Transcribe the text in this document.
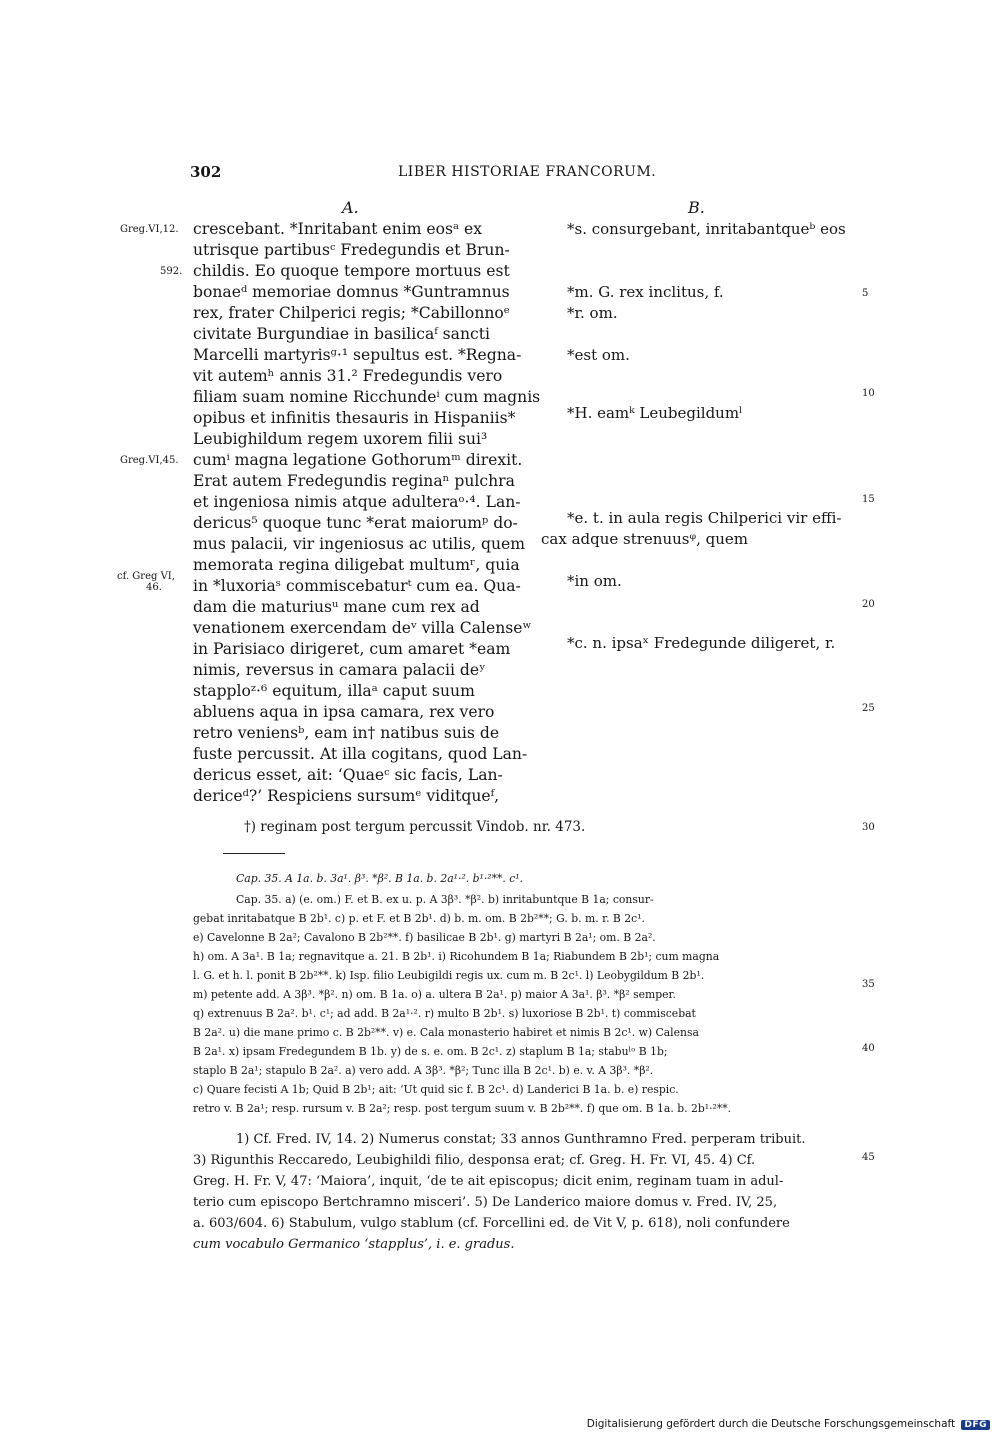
302	LIBER HISTORIAE FRANCORUM.
A.	B.
Greg.VI,12.
592.
Greg.VI,45.
cf. Greg VI,
46.
crescebant. *Inritabant enim eosᵃ ex
utrisque partibusᶜ Fredegundis et Brun-
childis. Eo quoque tempore mortuus est
bonaeᵈ memoriae domnus *Guntramnus
rex, frater Chilperici regis; *Cabillonnoᵉ
civitate Burgundiae in basilicaᶠ sancti
Marcelli martyrisᵍ·¹ sepultus est. *Regna-
vit autemʰ annis 31.² Fredegundis vero
filiam suam nomine Ricchundeⁱ cum magnis
opibus et infinitis thesauris in Hispaniis*
Leubighildum regem uxorem filii sui³
cumⁱ magna legatione Gothorumᵐ direxit.
Erat autem Fredegundis reginaⁿ pulchra
et ingeniosa nimis atque adulteraᵒ·⁴. Lan-
dericus⁵ quoque tunc *erat maiorumᵖ do-
mus palacii, vir ingeniosus ac utilis, quem
memorata regina diligebat multumʳ, quia
in *luxoriaˢ commiscebaturᵗ cum ea. Qua-
dam die maturiusᵘ mane cum rex ad
venationem exercendam deᵛ villa Calenseʷ
in Parisiaco dirigeret, cum amaret *eam
nimis, reversus in camara palacii deʸ
stapploᶻ·⁶ equitum, illaᵃ caput suum
abluens aqua in ipsa camara, rex vero
retro veniensᵇ, eam in† natibus suis de
fuste percussit. At illa cogitans, quod Lan-
dericus esset, ait: ‘Quaeᶜ sic facis, Lan-
dericeᵈ?’ Respiciens sursumᵉ viditqueᶠ,
*s. consurgebant, inritabantqueᵇ eos
*m. G. rex inclitus, f.
*r. om.
*est om.
*H. eamᵏ Leubegildumˡ
*e. t. in aula regis Chilperici vir effi-
cax adque strenuusᵠ, quem
*in om.
*c. n. ipsaˣ Fredegunde diligeret, r.
5
10
15
20
25
30
35
40
45
†) reginam post tergum percussit Vindob. nr. 473.
Cap. 35. A 1a. b. 3a¹. β³. *β². B 1a. b. 2a¹·². b¹·²**. c¹.
Cap. 35. a) (e. om.) F. et B. ex u. p. A 3β³. *β². b) inritabuntque B 1a; consur-
gebat inritabatque B 2b¹. c) p. et F. et B 2b¹. d) b. m. om. B 2b²**; G. b. m. r. B 2c¹.
e) Cavelonne B 2a²; Cavalono B 2b²**. f) basilicae B 2b¹. g) martyri B 2a¹; om. B 2a².
h) om. A 3a¹. B 1a; regnavitque a. 21. B 2b¹. i) Ricohundem B 1a; Riabundem B 2b¹; cum magna
l. G. et h. l. ponit B 2b²**. k) Isp. filio Leubigildi regis ux. cum m. B 2c¹. l) Leobygildum B 2b¹.
m) petente add. A 3β³. *β². n) om. B 1a. o) a. ultera B 2a¹. p) maior A 3a¹. β³. *β² semper.
q) extrenuus B 2a². b¹. c¹; ad add. B 2a¹·². r) multo B 2b¹. s) luxoriose B 2b¹. t) commiscebat
B 2a². u) die mane primo c. B 2b²**. v) e. Cala monasterio habiret et nimis B 2c¹. w) Calensa
B 2a¹. x) ipsam Fredegundem B 1b. y) de s. e. om. B 2c¹. z) staplum B 1a; stabuˡᵒ B 1b;
staplo B 2a¹; stapulo B 2a². a) vero add. A 3β³. *β²; Tunc illa B 2c¹. b) e. v. A 3β³. *β².
c) Quare fecisti A 1b; Quid B 2b¹; ait: ‘Ut quid sic f. B 2c¹. d) Landerici B 1a. b. e) respic.
retro v. B 2a¹; resp. rursum v. B 2a²; resp. post tergum suum v. B 2b²**. f) que om. B 1a. b. 2b¹·²**.
1) Cf. Fred. IV, 14. 2) Numerus constat; 33 annos Gunthramno Fred. perperam tribuit.
3) Rigunthis Reccaredo, Leubighildi filio, desponsa erat; cf. Greg. H. Fr. VI, 45. 4) Cf.
Greg. H. Fr. V, 47: ‘Maiora’, inquit, ‘de te ait episcopus; dicit enim, reginam tuam in adul-
terio cum episcopo Bertchramno misceri’. 5) De Landerico maiore domus v. Fred. IV, 25,
a. 603/604. 6) Stabulum, vulgo stablum (cf. Forcellini ed. de Vit V, p. 618), noli confundere
cum vocabulo Germanico ‘stapplus’, i. e. gradus.
Digitalisierung gefördert durch die Deutsche Forschungsgemeinschaft DFG
